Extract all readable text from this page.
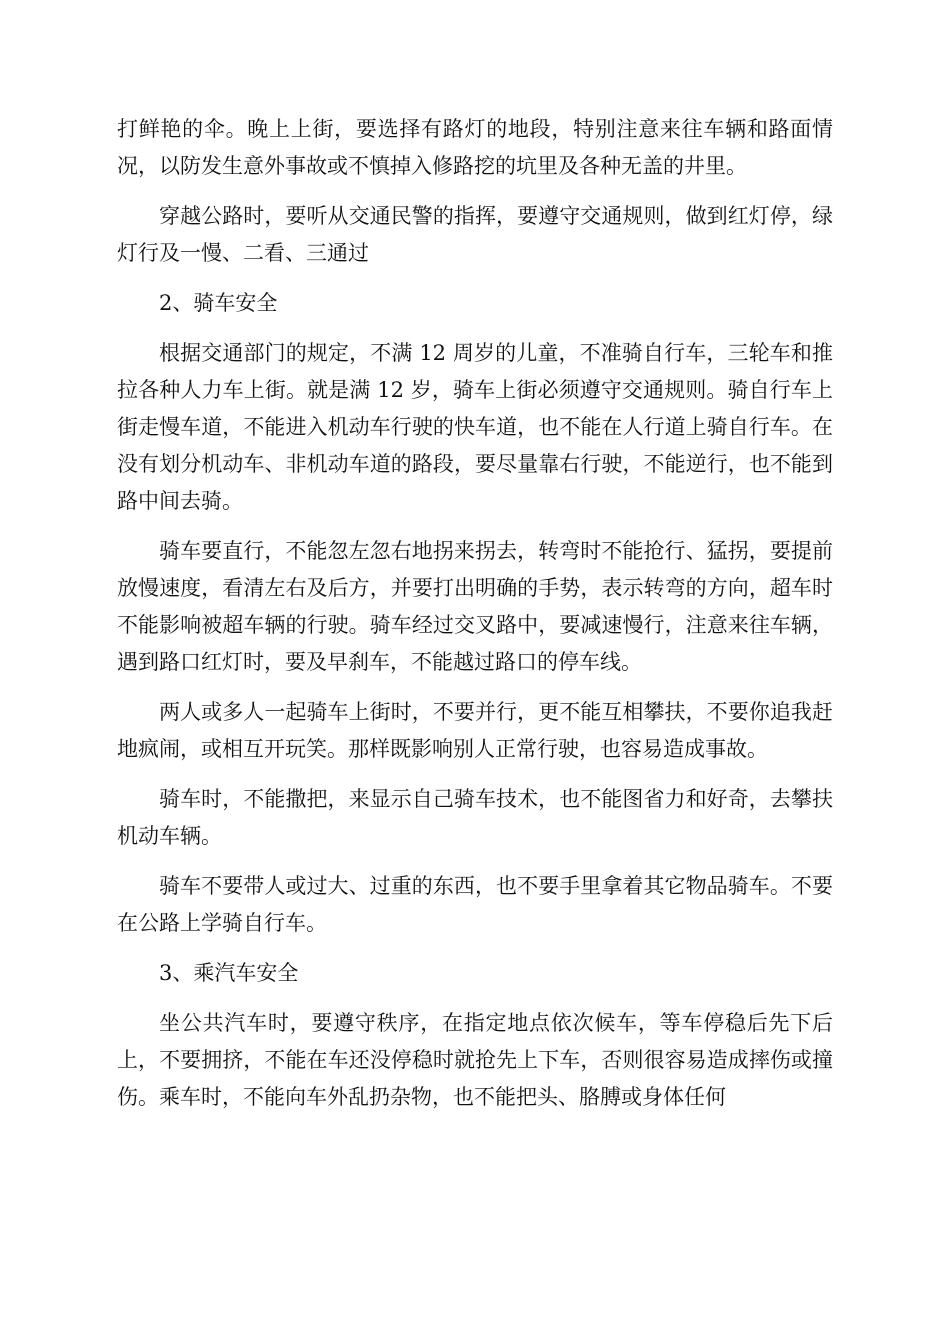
打鲜艳的伞。晚上上街，要选择有路灯的地段，特别注意来往车辆和路面情况，以防发生意外事故或不慎掉入修路挖的坑里及各种无盖的井里。

穿越公路时，要听从交通民警的指挥，要遵守交通规则，做到红灯停，绿灯行及一慢、二看、三通过

2、骑车安全

根据交通部门的规定，不满 12 周岁的儿童，不准骑自行车，三轮车和推拉各种人力车上街。就是满 12 岁，骑车上街必须遵守交通规则。骑自行车上街走慢车道，不能进入机动车行驶的快车道，也不能在人行道上骑自行车。在没有划分机动车、非机动车道的路段，要尽量靠右行驶，不能逆行，也不能到路中间去骑。

骑车要直行，不能忽左忽右地拐来拐去，转弯时不能抢行、猛拐，要提前放慢速度，看清左右及后方，并要打出明确的手势，表示转弯的方向，超车时不能影响被超车辆的行驶。骑车经过交叉路中，要减速慢行，注意来往车辆，遇到路口红灯时，要及早刹车，不能越过路口的停车线。

两人或多人一起骑车上街时，不要并行，更不能互相攀扶，不要你追我赶地疯闹，或相互开玩笑。那样既影响别人正常行驶，也容易造成事故。

骑车时，不能撒把，来显示自己骑车技术，也不能图省力和好奇，去攀扶机动车辆。

骑车不要带人或过大、过重的东西，也不要手里拿着其它物品骑车。不要在公路上学骑自行车。

3、乘汽车安全

坐公共汽车时，要遵守秩序，在指定地点依次候车，等车停稳后先下后上，不要拥挤，不能在车还没停稳时就抢先上下车，否则很容易造成摔伤或撞伤。乘车时，不能向车外乱扔杂物，也不能把头、胳膊或身体任何
